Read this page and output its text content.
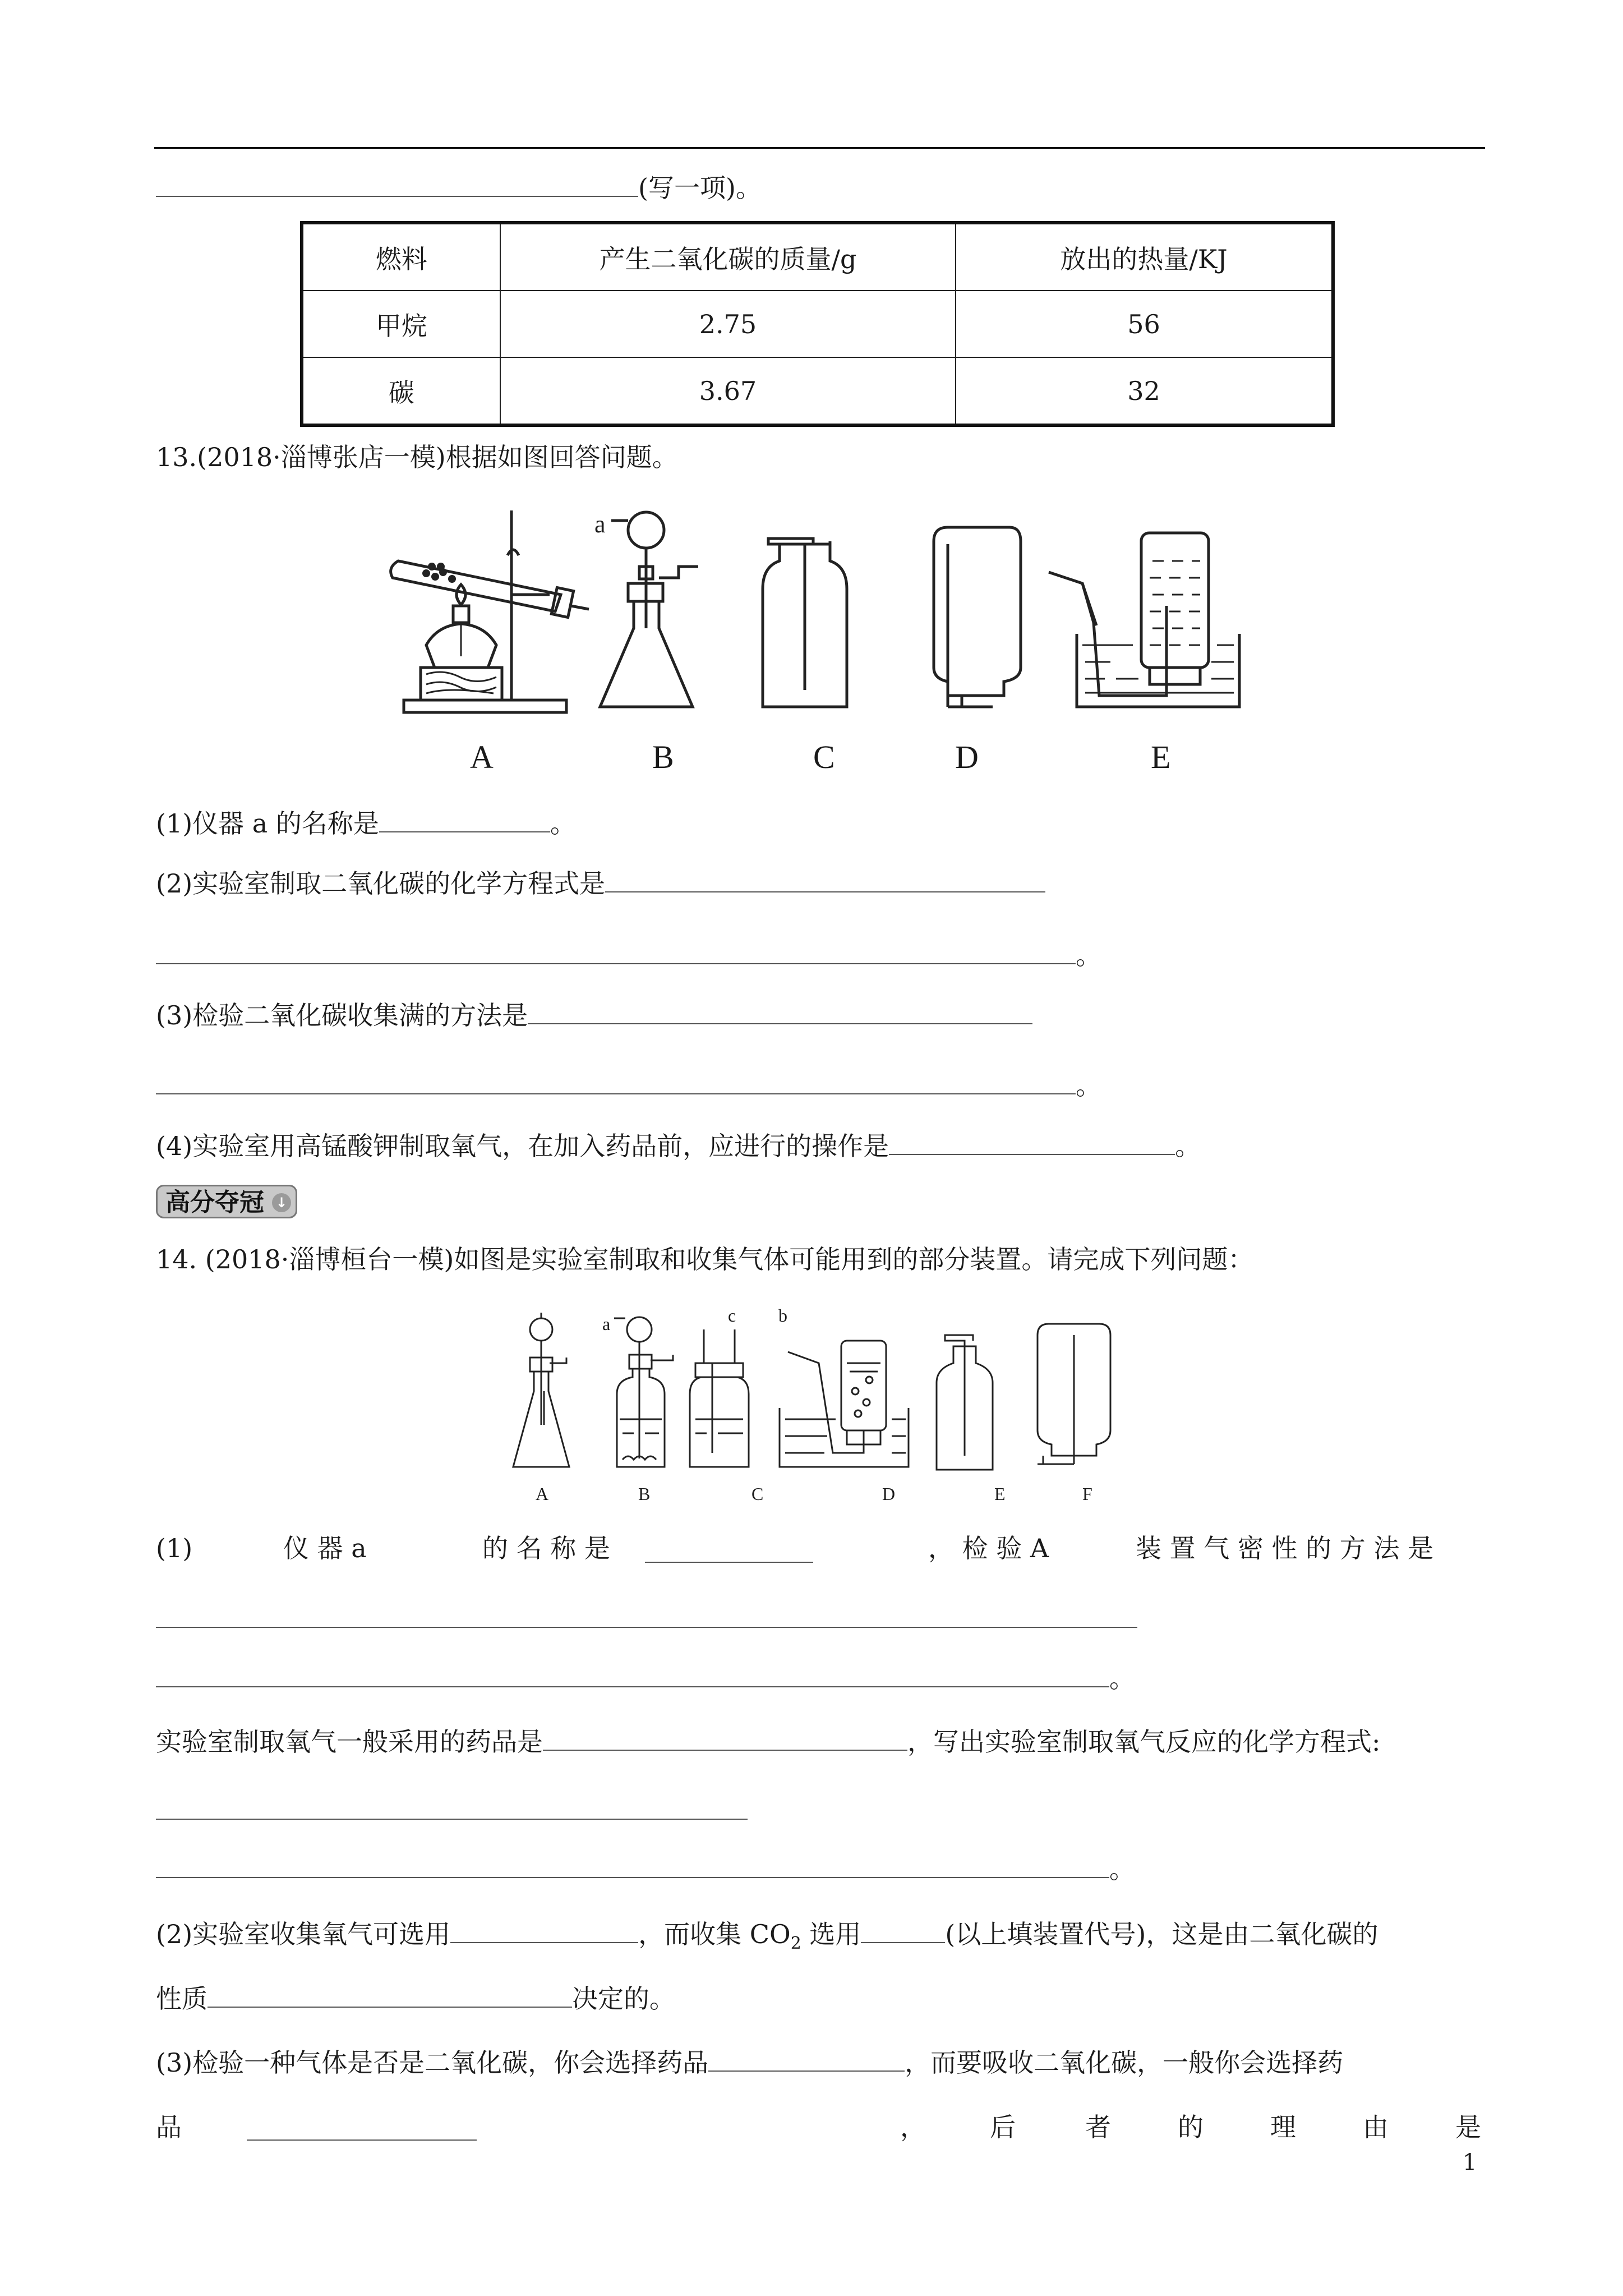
(写一项)。
燃料	产生二氧化碳的质量/g	放出的热量/KJ
甲烷	2.75	56
碳	3.67	32
13.(2018·淄博张店一模)根据如图回答问题。
a
A	B	C	D	E
(1)仪器 a 的名称是	。
(2)实验室制取二氧化碳的化学方程式是
。
(3)检验二氧化碳收集满的方法是
。
(4)实验室用高锰酸钾制取氧气，在加入药品前，应进行的操作是	。
高分夺冠 ↓
14. (2018·淄博桓台一模)如图是实验室制取和收集气体可能用到的部分装置。请完成下列问题：
a	c b
A	B	C	D	E	F
(1)	仪 器 a	的 名 称 是	， 检 验 A	装 置 气 密 性 的 方 法 是
。
实验室制取氧气一般采用的药品是	，写出实验室制取氧气反应的化学方程式:
。
(2)实验室收集氧气可选用	，而收集 $CO_2$ 选用	(以上填装置代号)，这是由二氧化碳的
性质	决定的。
(3)检验一种气体是否是二氧化碳，你会选择药品	，而要吸收二氧化碳，一般你会选择药
品	， 后	者	的	理	由	是
1
